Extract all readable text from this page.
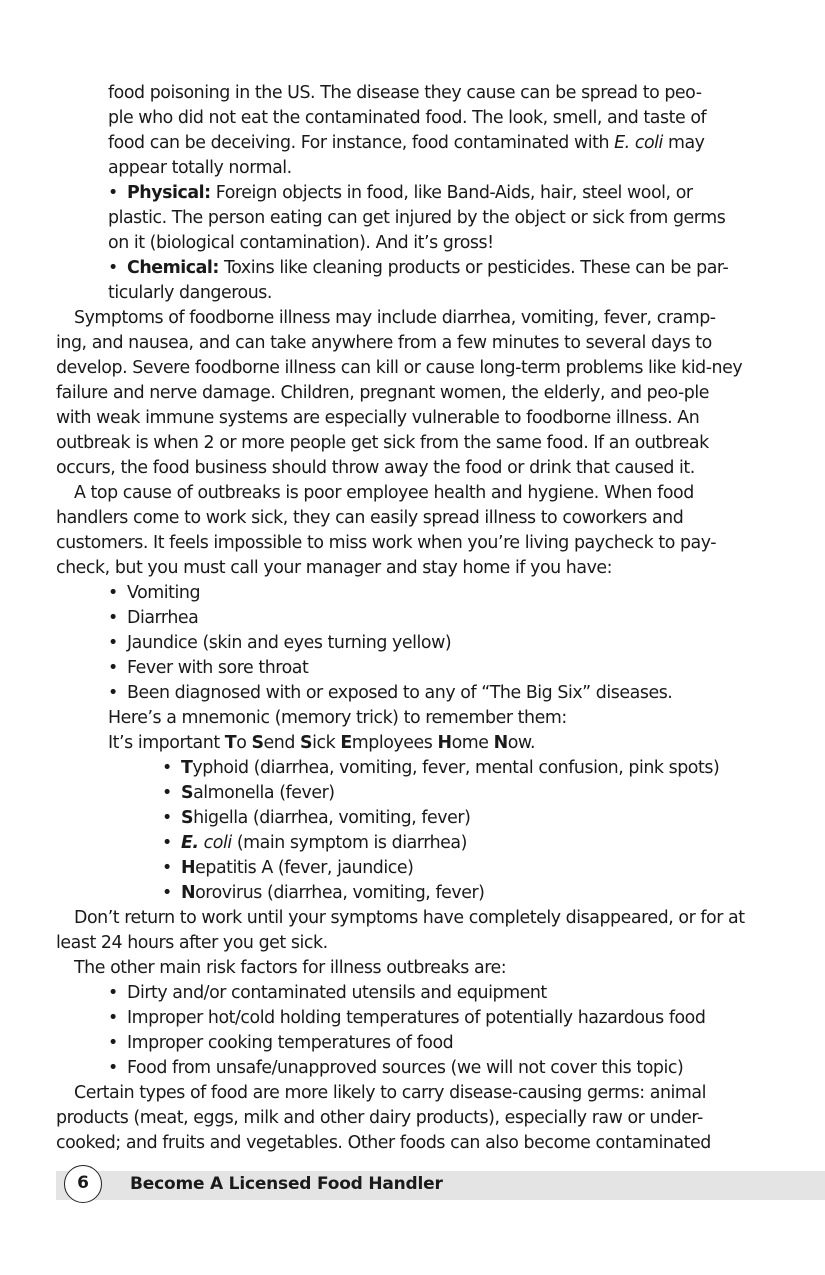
food poisoning in the US. The disease they cause can be spread to peo-
ple who did not eat the contaminated food. The look, smell, and taste of
food can be deceiving. For instance, food contaminated with E. coli may appear totally normal.

• Physical: Foreign objects in food, like Band-Aids, hair, steel wool, or plastic. The person eating can get injured by the object or sick from germs on it (biological contamination). And it’s gross!

• Chemical: Toxins like cleaning products or pesticides. These can be par-ticularly dangerous.

Symptoms of foodborne illness may include diarrhea, vomiting, fever, cramp-ing, and nausea, and can take anywhere from a few minutes to several days to develop. Severe foodborne illness can kill or cause long-term problems like kid-ney failure and nerve damage. Children, pregnant women, the elderly, and peo-ple with weak immune systems are especially vulnerable to foodborne illness. An outbreak is when 2 or more people get sick from the same food. If an outbreak occurs, the food business should throw away the food or drink that caused it.

A top cause of outbreaks is poor employee health and hygiene. When food handlers come to work sick, they can easily spread illness to coworkers and customers. It feels impossible to miss work when you’re living paycheck to pay-check, but you must call your manager and stay home if you have:

• Vomiting

• Diarrhea

• Jaundice (skin and eyes turning yellow)

• Fever with sore throat

• Been diagnosed with or exposed to any of “The Big Six” diseases.

Here’s a mnemonic (memory trick) to remember them:

It’s important To Send Sick Employees Home Now.

• Typhoid (diarrhea, vomiting, fever, mental confusion, pink spots)

• Salmonella (fever)

• Shigella (diarrhea, vomiting, fever)

• E. coli (main symptom is diarrhea)

• Hepatitis A (fever, jaundice)

• Norovirus (diarrhea, vomiting, fever)

Don’t return to work until your symptoms have completely disappeared, or for at least 24 hours after you get sick.

The other main risk factors for illness outbreaks are:

• Dirty and/or contaminated utensils and equipment

• Improper hot/cold holding temperatures of potentially hazardous food

• Improper cooking temperatures of food

• Food from unsafe/unapproved sources (we will not cover this topic)

Certain types of food are more likely to carry disease-causing germs: animal products (meat, eggs, milk and other dairy products), especially raw or under-cooked; and fruits and vegetables. Other foods can also become contaminated

6	Become A Licensed Food Handler
